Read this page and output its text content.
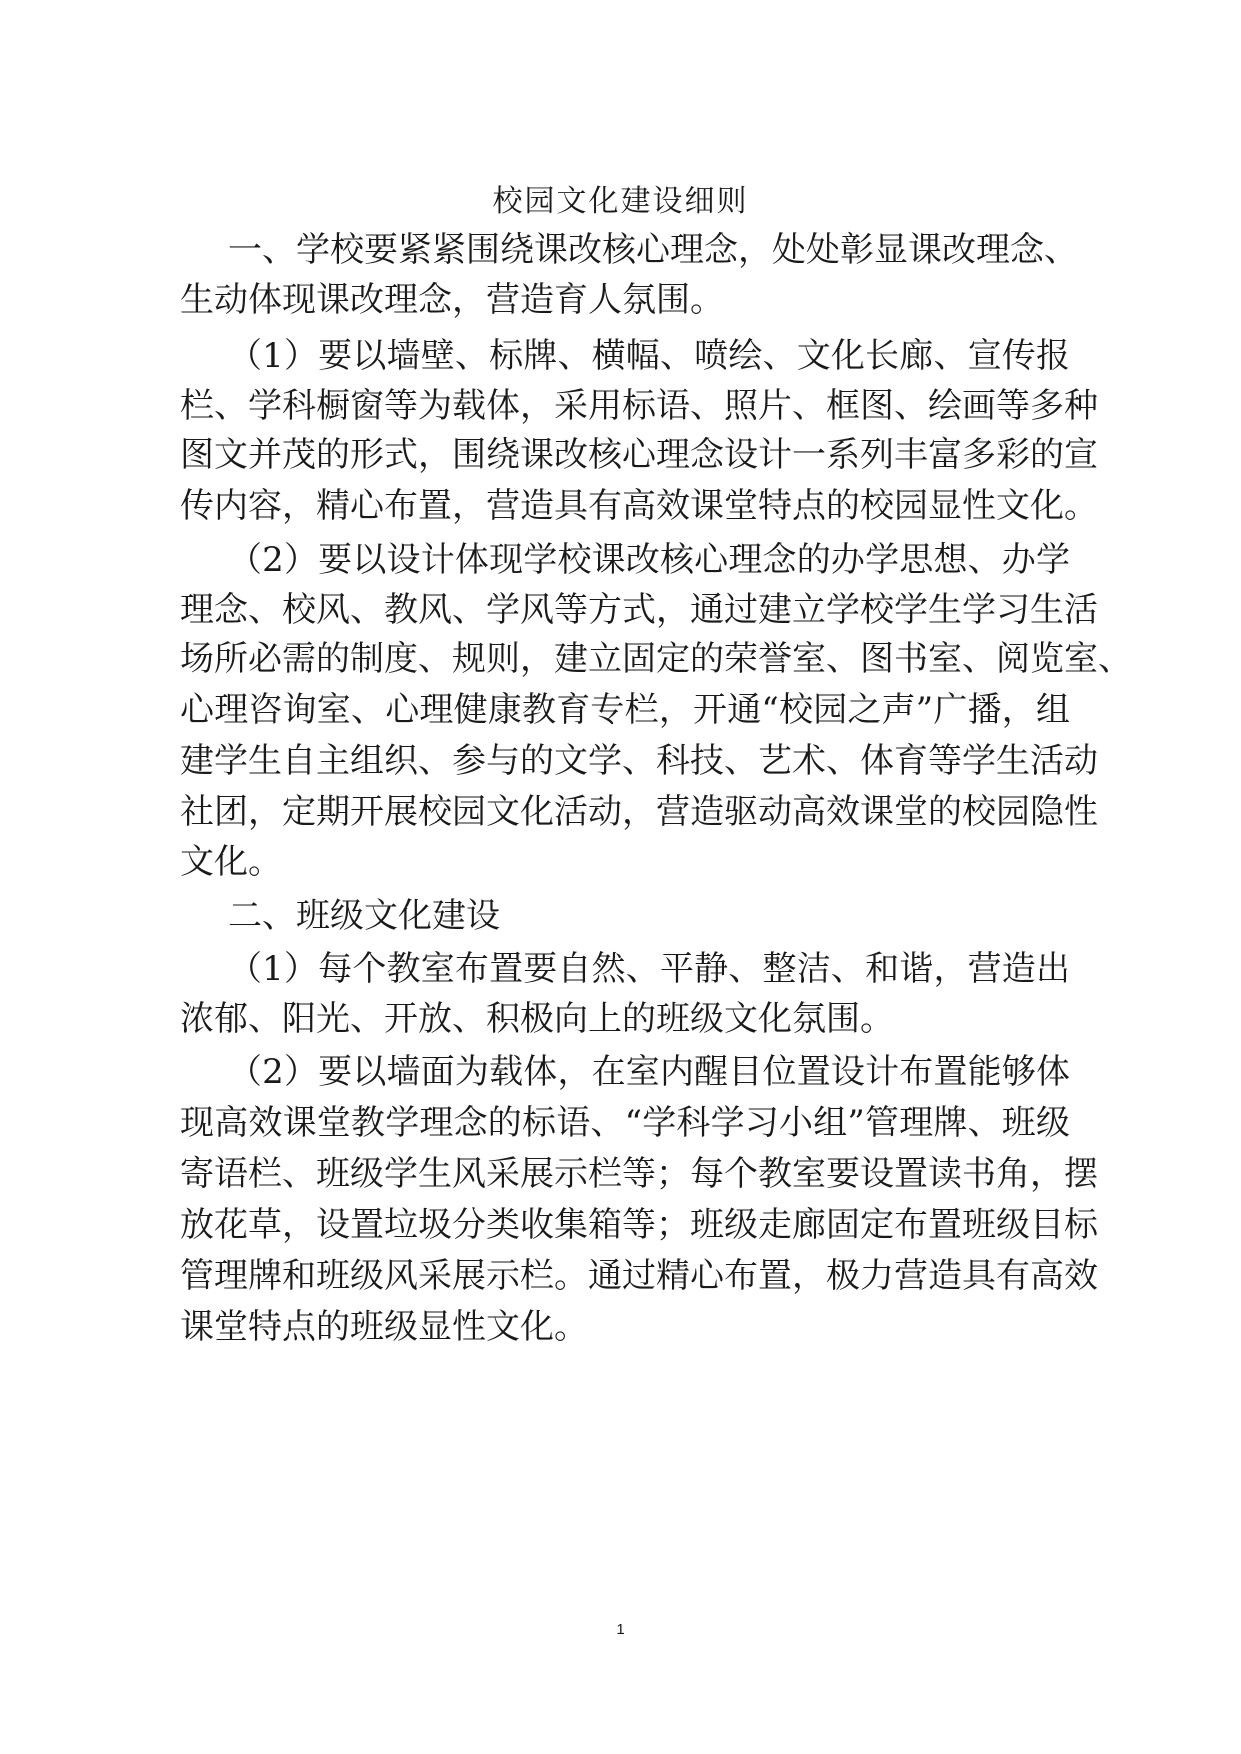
校园文化建设细则
一、学校要紧紧围绕课改核心理念，处处彰显课改理念、
生动体现课改理念，营造育人氛围。
（1）要以墙壁、标牌、横幅、喷绘、文化长廊、宣传报
栏、学科橱窗等为载体，采用标语、照片、框图、绘画等多种
图文并茂的形式，围绕课改核心理念设计一系列丰富多彩的宣
传内容，精心布置，营造具有高效课堂特点的校园显性文化。
（2）要以设计体现学校课改核心理念的办学思想、办学
理念、校风、教风、学风等方式，通过建立学校学生学习生活
场所必需的制度、规则，建立固定的荣誉室、图书室、阅览室、
心理咨询室、心理健康教育专栏，开通“校园之声”广播，组
建学生自主组织、参与的文学、科技、艺术、体育等学生活动
社团，定期开展校园文化活动，营造驱动高效课堂的校园隐性
文化。
二、班级文化建设
（1）每个教室布置要自然、平静、整洁、和谐，营造出
浓郁、阳光、开放、积极向上的班级文化氛围。
（2）要以墙面为载体，在室内醒目位置设计布置能够体
现高效课堂教学理念的标语、“学科学习小组”管理牌、班级
寄语栏、班级学生风采展示栏等；每个教室要设置读书角，摆
放花草，设置垃圾分类收集箱等；班级走廊固定布置班级目标
管理牌和班级风采展示栏。通过精心布置，极力营造具有高效
课堂特点的班级显性文化。
1
